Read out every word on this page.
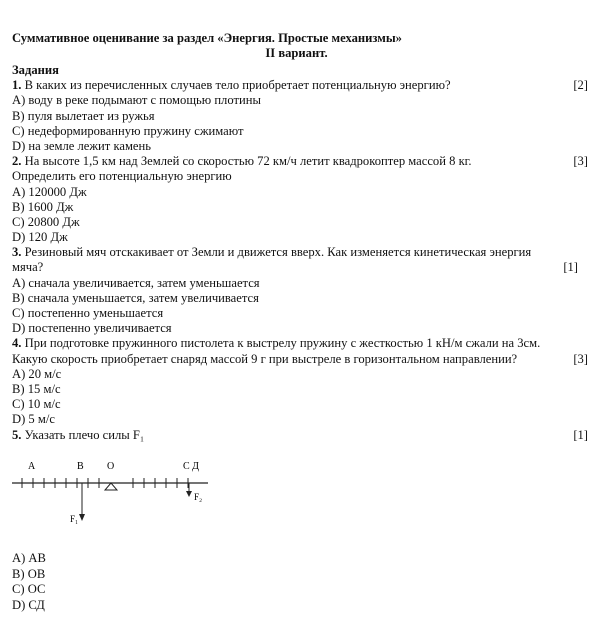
Суммативное оценивание за раздел «Энергия. Простые механизмы»
II вариант.
Задания
1. В каких из перечисленных случаев тело приобретает потенциальную энергию?	[2]
А) воду в реке подымают с помощью плотины
В) пуля вылетает из ружья
С) недеформированную пружину сжимают
D) на земле лежит камень
2. На высоте 1,5 км над Землей со скоростью 72 км/ч летит квадрокоптер массой 8 кг.	[3]
Определить его потенциальную энергию
А) 120000 Дж
В) 1600 Дж
С) 20800 Дж
D) 120 Дж
3. Резиновый мяч отскакивает от Земли и движется вверх. Как изменяется кинетическая энергия
мяча?	[1]
А) сначала увеличивается, затем уменьшается
В) сначала уменьшается, затем увеличивается
С) постепенно уменьшается
D) постепенно увеличивается
4. При подготовке пружинного пистолета к выстрелу пружину с жесткостью 1 кН/м сжали на 3см.
Какую скорость приобретает снаряд массой 9 г при выстреле в горизонтальном направлении?	[3]
А) 20 м/с
В) 15 м/с
С) 10 м/с
D) 5 м/с
5. Указать плечо силы F₁	[1]
А	В О	С Д
F₁
F₂
А) АВ
В) ОВ
С) ОС
D) СД
